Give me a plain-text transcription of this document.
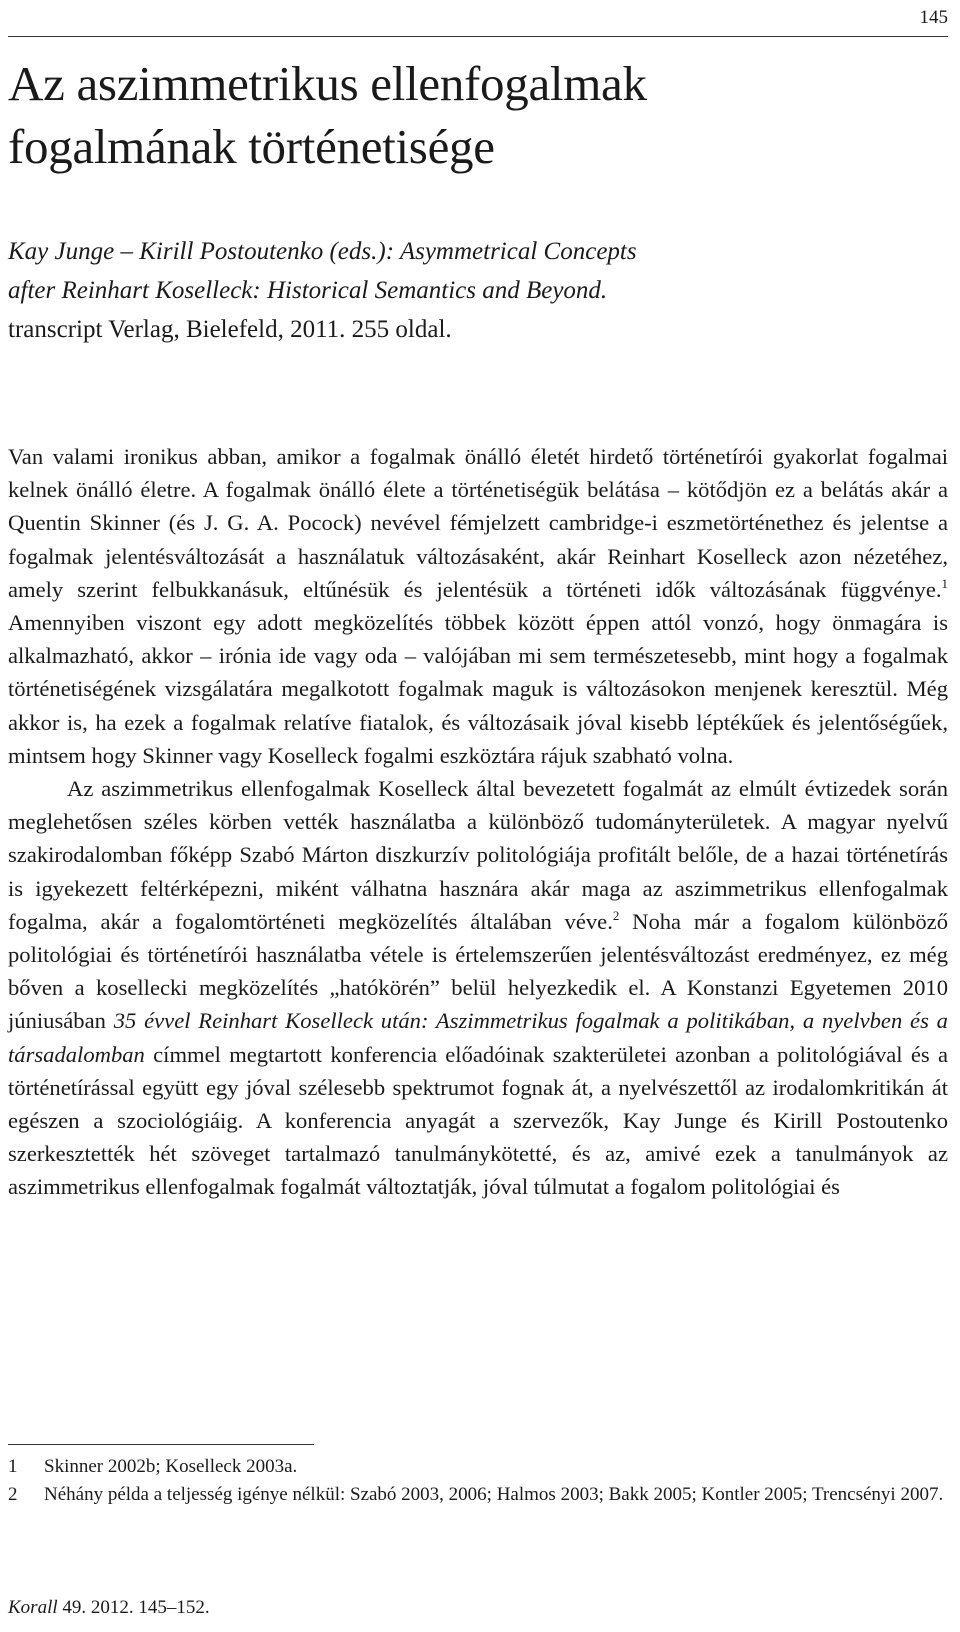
145
Az aszimmetrikus ellenfogalmak
fogalmának történetisége
Kay Junge – Kirill Postoutenko (eds.): Asymmetrical Concepts
after Reinhart Koselleck: Historical Semantics and Beyond.
transcript Verlag, Bielefeld, 2011. 255 oldal.

Van valami ironikus abban, amikor a fogalmak önálló életét hirdető történetírói gyakorlat fogalmai kelnek önálló életre. A fogalmak önálló élete a történetiségük belátása – kötődjön ez a belátás akár a Quentin Skinner (és J. G. A. Pocock) nevével fémjelzett cambridge-i eszmetörténethez és jelentse a fogalmak jelentésváltozását a használatuk változásaként, akár Reinhart Koselleck azon nézetéhez, amely szerint felbukkanásuk, eltűnésük és jelentésük a történeti idők változásának függvénye.$^1$ Amennyiben viszont egy adott megközelítés többek között éppen attól vonzó, hogy önmagára is alkalmazható, akkor – irónia ide vagy oda – valójában mi sem természetesebb, mint hogy a fogalmak történetiségének vizsgálatára megalkotott fogalmak maguk is változásokon menjenek keresztül. Még akkor is, ha ezek a fogalmak relatíve fiatalok, és változásaik jóval kisebb léptékűek és jelentőségűek, mintsem hogy Skinner vagy Koselleck fogalmi eszköztára rájuk szabható volna.

Az aszimmetrikus ellenfogalmak Koselleck által bevezetett fogalmát az elmúlt évtizedek során meglehetősen széles körben vették használatba a különböző tudományterületek. A magyar nyelvű szakirodalomban főképp Szabó Márton diszkurzív politológiája profitált belőle, de a hazai történetírás is igyekezett feltérképezni, miként válhatna hasznára akár maga az aszimmetrikus ellenfogalmak fogalma, akár a fogalomtörténeti megközelítés általában véve.$^2$ Noha már a fogalom különböző politológiai és történetírói használatba vétele is értelemszerűen jelentésváltozást eredményez, ez még bőven a kosellecki megközelítés „hatókörén” belül helyezkedik el. A Konstanzi Egyetemen 2010 júniusában 35 évvel Reinhart Koselleck után: Aszimmetrikus fogalmak a politikában, a nyelvben és a társadalomban címmel megtartott konferencia előadóinak szakterületei azonban a politológiával és a történetírással együtt egy jóval szélesebb spektrumot fognak át, a nyelvészettől az irodalomkritikán át egészen a szociológiáig. A konferencia anyagát a szervezők, Kay Junge és Kirill Postoutenko szerkesztették hét szöveget tartalmazó tanulmánykötetté, és az, amivé ezek a tanulmányok az aszimmetrikus ellenfogalmak fogalmát változtatják, jóval túlmutat a fogalom politológiai és

1 Skinner 2002b; Koselleck 2003a.
2 Néhány példa a teljesség igénye nélkül: Szabó 2003, 2006; Halmos 2003; Bakk 2005; Kontler 2005; Trencsényi 2007.
Korall 49. 2012. 145–152.
